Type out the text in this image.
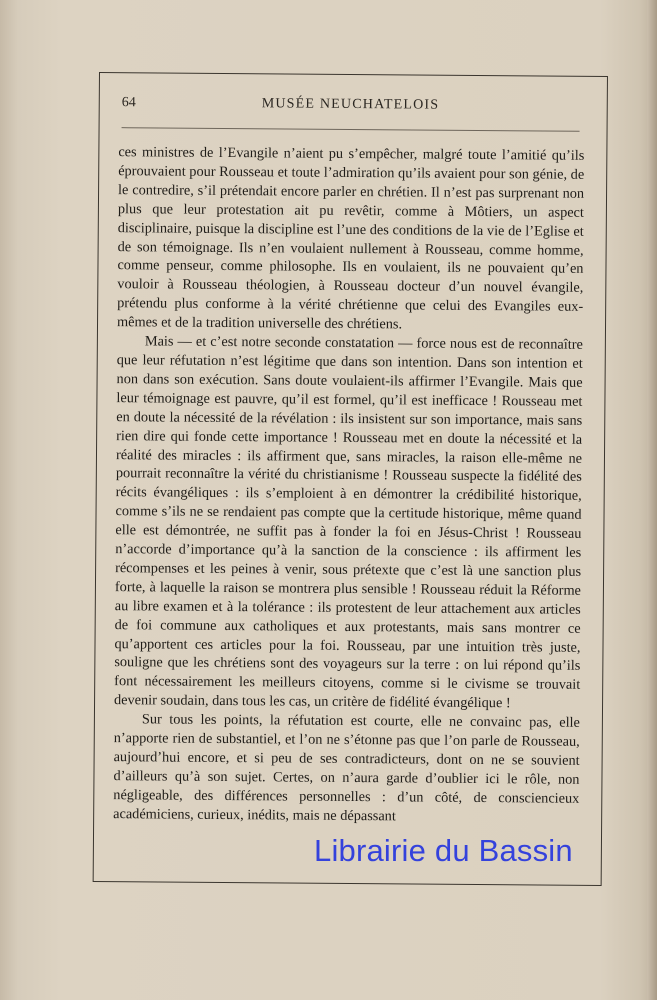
64	MUSÉE NEUCHATELOIS

ces ministres de l’Evangile n’aient pu s’empêcher, malgré toute l’amitié qu’ils éprouvaient pour Rousseau et toute l’admiration qu’ils avaient pour son génie, de le contredire, s’il prétendait encore parler en chrétien. Il n’est pas surprenant non plus que leur protestation ait pu revêtir, comme à Môtiers, un aspect disciplinaire, puisque la discipline est l’une des conditions de la vie de l’Eglise et de son témoignage. Ils n’en voulaient nullement à Rousseau, comme homme, comme penseur, comme philosophe. Ils en voulaient, ils ne pouvaient qu’en vouloir à Rousseau théologien, à Rousseau docteur d’un nouvel évangile, prétendu plus conforme à la vérité chrétienne que celui des Evangiles eux-mêmes et de la tradition universelle des chrétiens.

Mais — et c’est notre seconde constatation — force nous est de reconnaître que leur réfutation n’est légitime que dans son intention. Dans son intention et non dans son exécution. Sans doute voulaient-ils affirmer l’Evangile. Mais que leur témoignage est pauvre, qu’il est formel, qu’il est inefficace ! Rousseau met en doute la nécessité de la révélation : ils insistent sur son importance, mais sans rien dire qui fonde cette importance ! Rousseau met en doute la nécessité et la réalité des miracles : ils affirment que, sans miracles, la raison elle-même ne pourrait reconnaître la vérité du christianisme ! Rousseau suspecte la fidélité des récits évangéliques : ils s’emploient à en démontrer la crédibilité historique, comme s’ils ne se rendaient pas compte que la certitude historique, même quand elle est démontrée, ne suffit pas à fonder la foi en Jésus-Christ ! Rousseau n’accorde d’importance qu’à la sanction de la conscience : ils affirment les récompenses et les peines à venir, sous prétexte que c’est là une sanction plus forte, à laquelle la raison se montrera plus sensible ! Rousseau réduit la Réforme au libre examen et à la tolérance : ils protestent de leur attachement aux articles de foi commune aux catholiques et aux protestants, mais sans montrer ce qu’apportent ces articles pour la foi. Rousseau, par une intuition très juste, souligne que les chrétiens sont des voyageurs sur la terre : on lui répond qu’ils font nécessairement les meilleurs citoyens, comme si le civisme se trouvait devenir soudain, dans tous les cas, un critère de fidélité évangélique !

Sur tous les points, la réfutation est courte, elle ne convainc pas, elle n’apporte rien de substantiel, et l’on ne s’étonne pas que l’on parle de Rousseau, aujourd’hui encore, et si peu de ses contradicteurs, dont on ne se souvient d’ailleurs qu’à son sujet. Certes, on n’aura garde d’oublier ici le rôle, non négligeable, des différences personnelles : d’un côté, de consciencieux académiciens, curieux, inédits, mais ne dépassant

Librairie du Bassin
